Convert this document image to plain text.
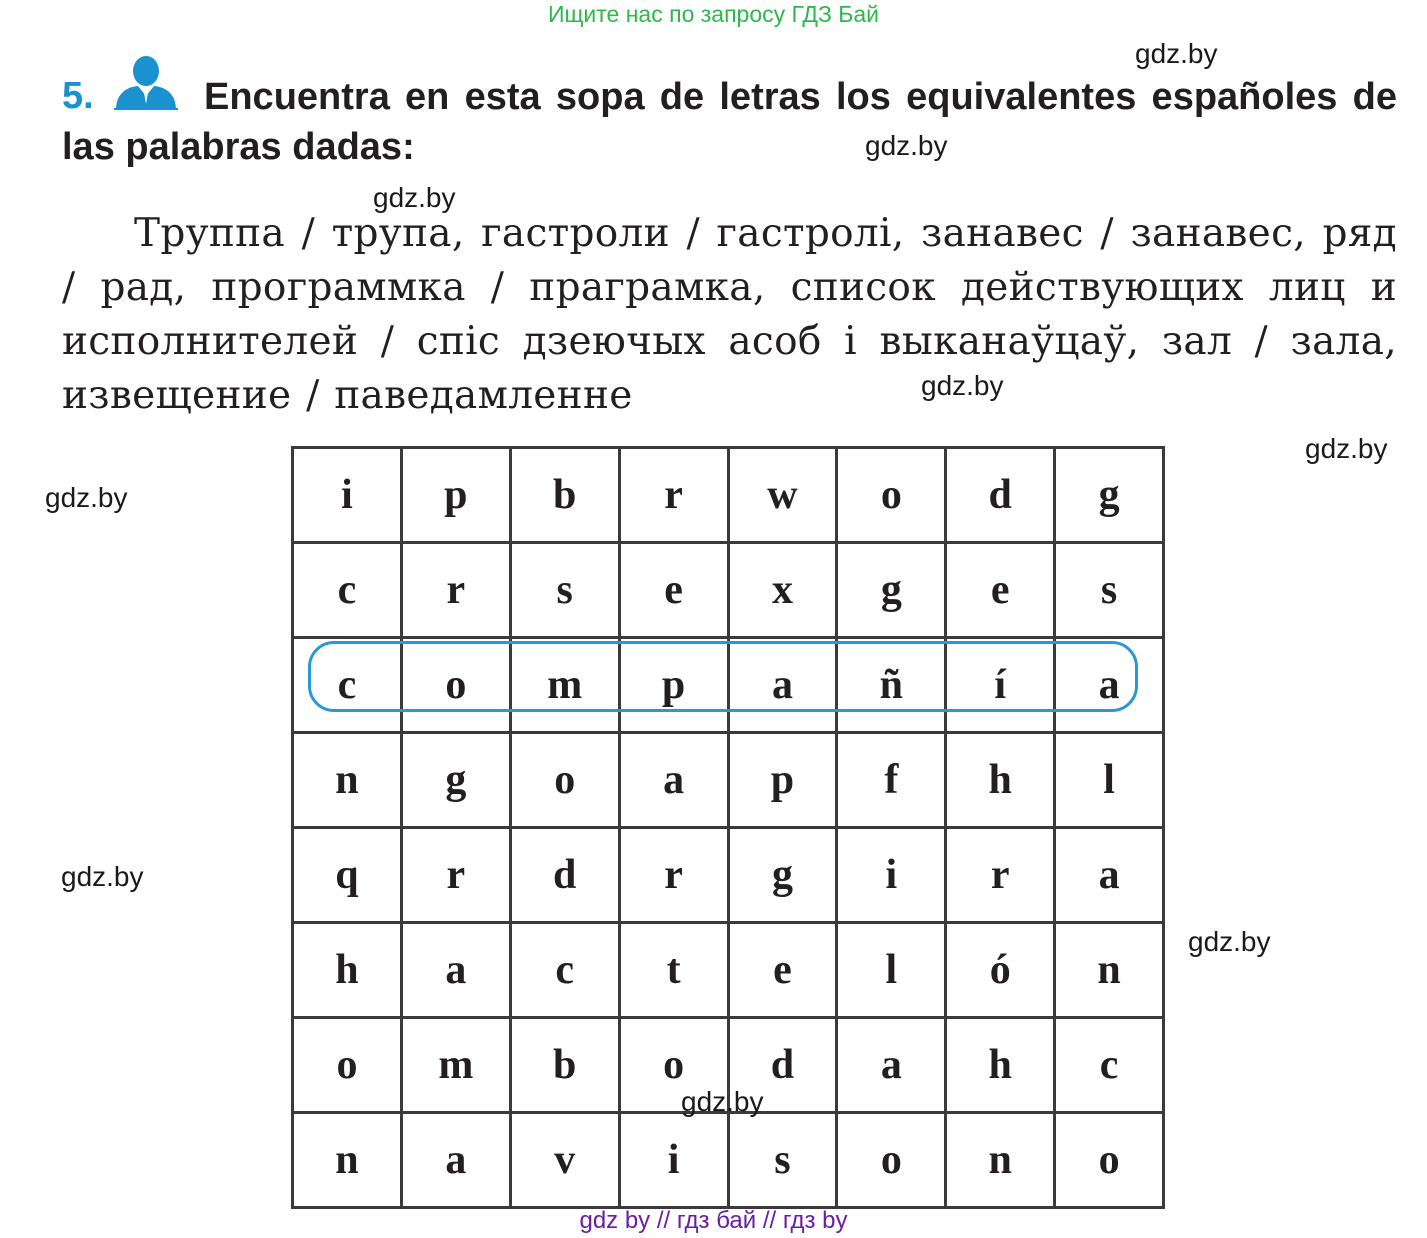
Ищите нас по запросу ГДЗ Бай
gdz.by
gdz.by
gdz.by
gdz.by
gdz.by
gdz.by
gdz.by
gdz.by
5.	Encuentra en esta sopa de letras los equivalentes españoles de las palabras dadas:
Труппа / трупа, гастроли / гастролі, занавес / занавес, ряд / рад, программка / праграмка, список действующих лиц и исполнителей / спіс дзеючых асоб і выканаўцаў, зал / зала, извещение / паведамленне
i	p	b	r	w	o	d	g
c	r	s	e	x	g	e	s
c	o	m	p	a	ñ	í	a
n	g	o	a	p	f	h	l
q	r	d	r	g	i	r	a
h	a	c	t	e	l	ó	n
o	m	b	o	d	a	h	c
n	a	v	i	s	o	n	o
gdz.by
gdz by // гдз бай // гдз by
